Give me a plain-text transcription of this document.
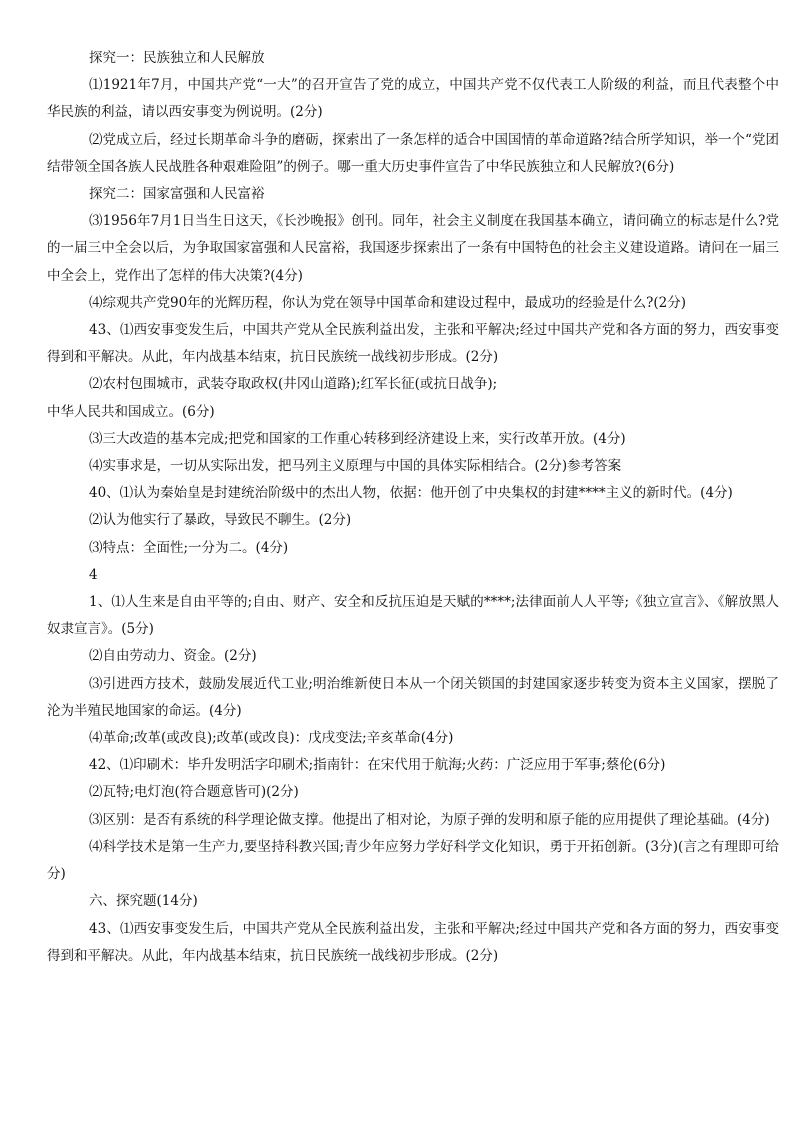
探究一：民族独立和人民解放

⑴1921年7月，中国共产党“一大”的召开宣告了党的成立，中国共产党不仅代表工人阶级的利益，而且代表整个中华民族的利益，请以西安事变为例说明。(2分)

⑵党成立后，经过长期革命斗争的磨砺，探索出了一条怎样的适合中国国情的革命道路?结合所学知识，举一个“党团结带领全国各族人民战胜各种艰难险阻”的例子。哪一重大历史事件宣告了中华民族独立和人民解放?(6分)

探究二：国家富强和人民富裕

⑶1956年7月1日当生日这天，《长沙晚报》创刊。同年，社会主义制度在我国基本确立，请问确立的标志是什么?党的一届三中全会以后，为争取国家富强和人民富裕，我国逐步探索出了一条有中国特色的社会主义建设道路。请问在一届三中全会上，党作出了怎样的伟大决策?(4分)

⑷综观共产党90年的光辉历程，你认为党在领导中国革命和建设过程中，最成功的经验是什么?(2分)

43、⑴西安事变发生后，中国共产党从全民族利益出发，主张和平解决;经过中国共产党和各方面的努力，西安事变得到和平解决。从此，年内战基本结束，抗日民族统一战线初步形成。(2分)

⑵农村包围城市，武装夺取政权(井冈山道路);红军长征(或抗日战争);

中华人民共和国成立。(6分)

⑶三大改造的基本完成;把党和国家的工作重心转移到经济建设上来，实行改革开放。(4分)

⑷实事求是，一切从实际出发，把马列主义原理与中国的具体实际相结合。(2分)参考答案

40、⑴认为秦始皇是封建统治阶级中的杰出人物，依据：他开创了中央集权的封建****主义的新时代。(4分)

⑵认为他实行了暴政，导致民不聊生。(2分)

⑶特点：全面性;一分为二。(4分)

4

1、⑴人生来是自由平等的;自由、财产、安全和反抗压迫是天赋的****;法律面前人人平等;《独立宣言》、《解放黑人奴隶宣言》。(5分)

⑵自由劳动力、资金。(2分)

⑶引进西方技术，鼓励发展近代工业;明治维新使日本从一个闭关锁国的封建国家逐步转变为资本主义国家，摆脱了沦为半殖民地国家的命运。(4分)

⑷革命;改革(或改良);改革(或改良)：戊戌变法;辛亥革命(4分)

42、⑴印刷术：毕升发明活字印刷术;指南针：在宋代用于航海;火药：广泛应用于军事;蔡伦(6分)

⑵瓦特;电灯泡(符合题意皆可)(2分)

⑶区别：是否有系统的科学理论做支撑。他提出了相对论，为原子弹的发明和原子能的应用提供了理论基础。(4分)

⑷科学技术是第一生产力,要坚持科教兴国;青少年应努力学好科学文化知识，勇于开拓创新。(3分)(言之有理即可给分)

六、探究题(14分)

43、⑴西安事变发生后，中国共产党从全民族利益出发，主张和平解决;经过中国共产党和各方面的努力，西安事变得到和平解决。从此，年内战基本结束，抗日民族统一战线初步形成。(2分)
